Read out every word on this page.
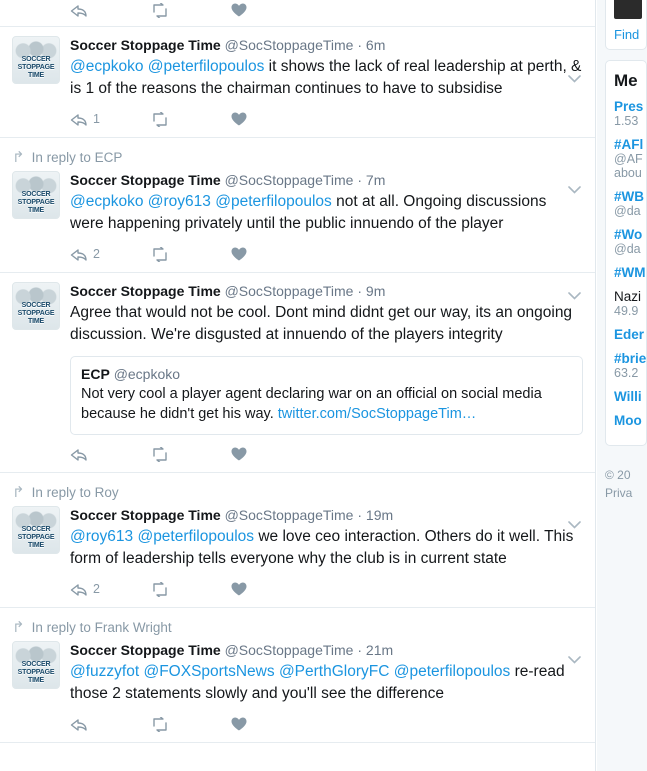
SOCCER STOPPAGE TIME
Soccer Stoppage Time @SocStoppageTime · 6m
@ecpkoko @peterfilopoulos it shows the lack of real leadership at perth, & is 1 of the reasons the chairman continues to have to subsidise
1
↰ In reply to ECP
SOCCER STOPPAGE TIME
Soccer Stoppage Time @SocStoppageTime · 7m
@ecpkoko @roy613 @peterfilopoulos not at all. Ongoing discussions were happening privately until the public innuendo of the player
2
SOCCER STOPPAGE TIME
Soccer Stoppage Time @SocStoppageTime · 9m
Agree that would not be cool. Dont mind didnt get our way, its an ongoing discussion. We're disgusted at innuendo of the players integrity
ECP @ecpkoko
Not very cool a player agent declaring war on an official on social media because he didn't get his way. twitter.com/SocStoppageTim…
↰ In reply to Roy
SOCCER STOPPAGE TIME
Soccer Stoppage Time @SocStoppageTime · 19m
@roy613 @peterfilopoulos we love ceo interaction. Others do it well. This form of leadership tells everyone why the club is in current state
2
↰ In reply to Frank Wright
SOCCER STOPPAGE TIME
Soccer Stoppage Time @SocStoppageTime · 21m
@fuzzyfot @FOXSportsNews @PerthGloryFC @peterfilopoulos re-read those 2 statements slowly and you'll see the difference
Find
Me
Pres
1.53
#AFl
@AF
abou
#WB
@da
#Wo
@da
#WM
Nazi
49.9
Eder
#brie
63.2
Willi
Moo
© 20
Priva
